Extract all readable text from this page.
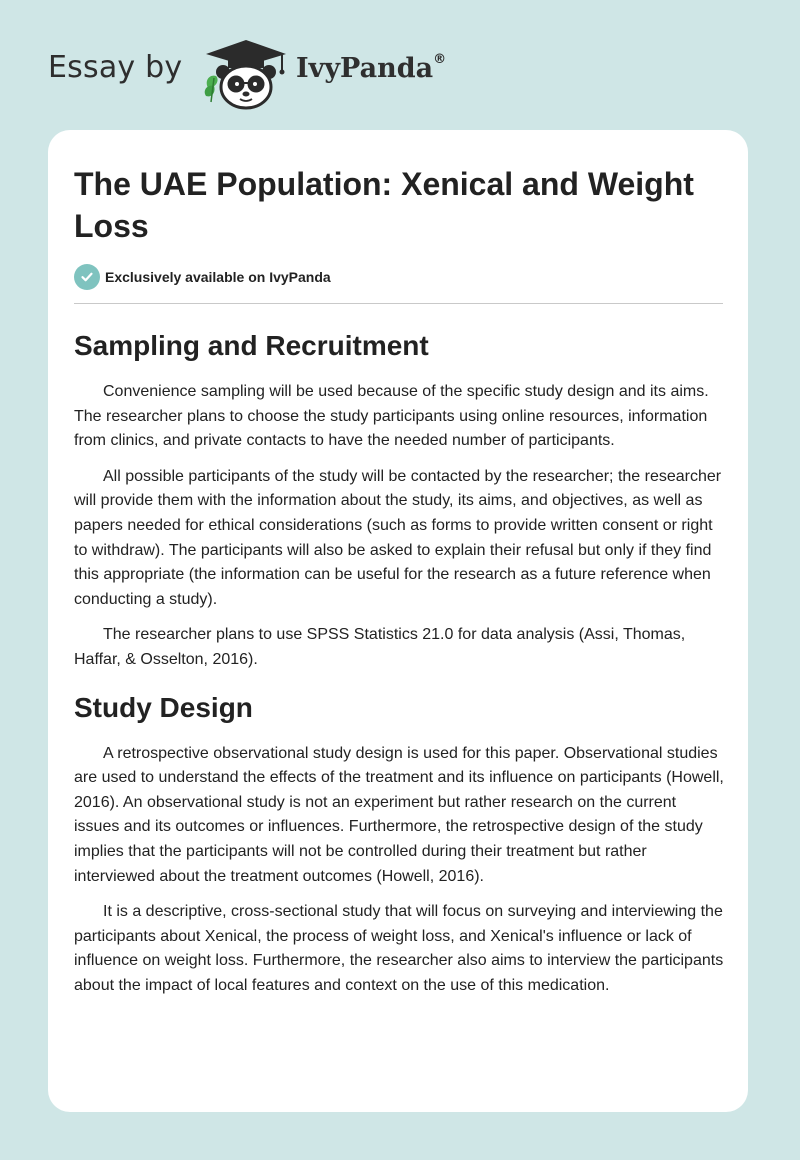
Essay by	IvyPanda®
The UAE Population: Xenical and Weight Loss
Exclusively available on IvyPanda
Sampling and Recruitment

Convenience sampling will be used because of the specific study design and its aims. The researcher plans to choose the study participants using online resources, information from clinics, and private contacts to have the needed number of participants.

All possible participants of the study will be contacted by the researcher; the researcher will provide them with the information about the study, its aims, and objectives, as well as papers needed for ethical considerations (such as forms to provide written consent or right to withdraw). The participants will also be asked to explain their refusal but only if they find this appropriate (the information can be useful for the research as a future reference when conducting a study).

The researcher plans to use SPSS Statistics 21.0 for data analysis (Assi, Thomas, Haffar, & Osselton, 2016).

Study Design

A retrospective observational study design is used for this paper. Observational studies are used to understand the effects of the treatment and its influence on participants (Howell, 2016). An observational study is not an experiment but rather research on the current issues and its outcomes or influences. Furthermore, the retrospective design of the study implies that the participants will not be controlled during their treatment but rather interviewed about the treatment outcomes (Howell, 2016).

It is a descriptive, cross-sectional study that will focus on surveying and interviewing the participants about Xenical, the process of weight loss, and Xenical's influence or lack of influence on weight loss. Furthermore, the researcher also aims to interview the participants about the impact of local features and context on the use of this medication.
